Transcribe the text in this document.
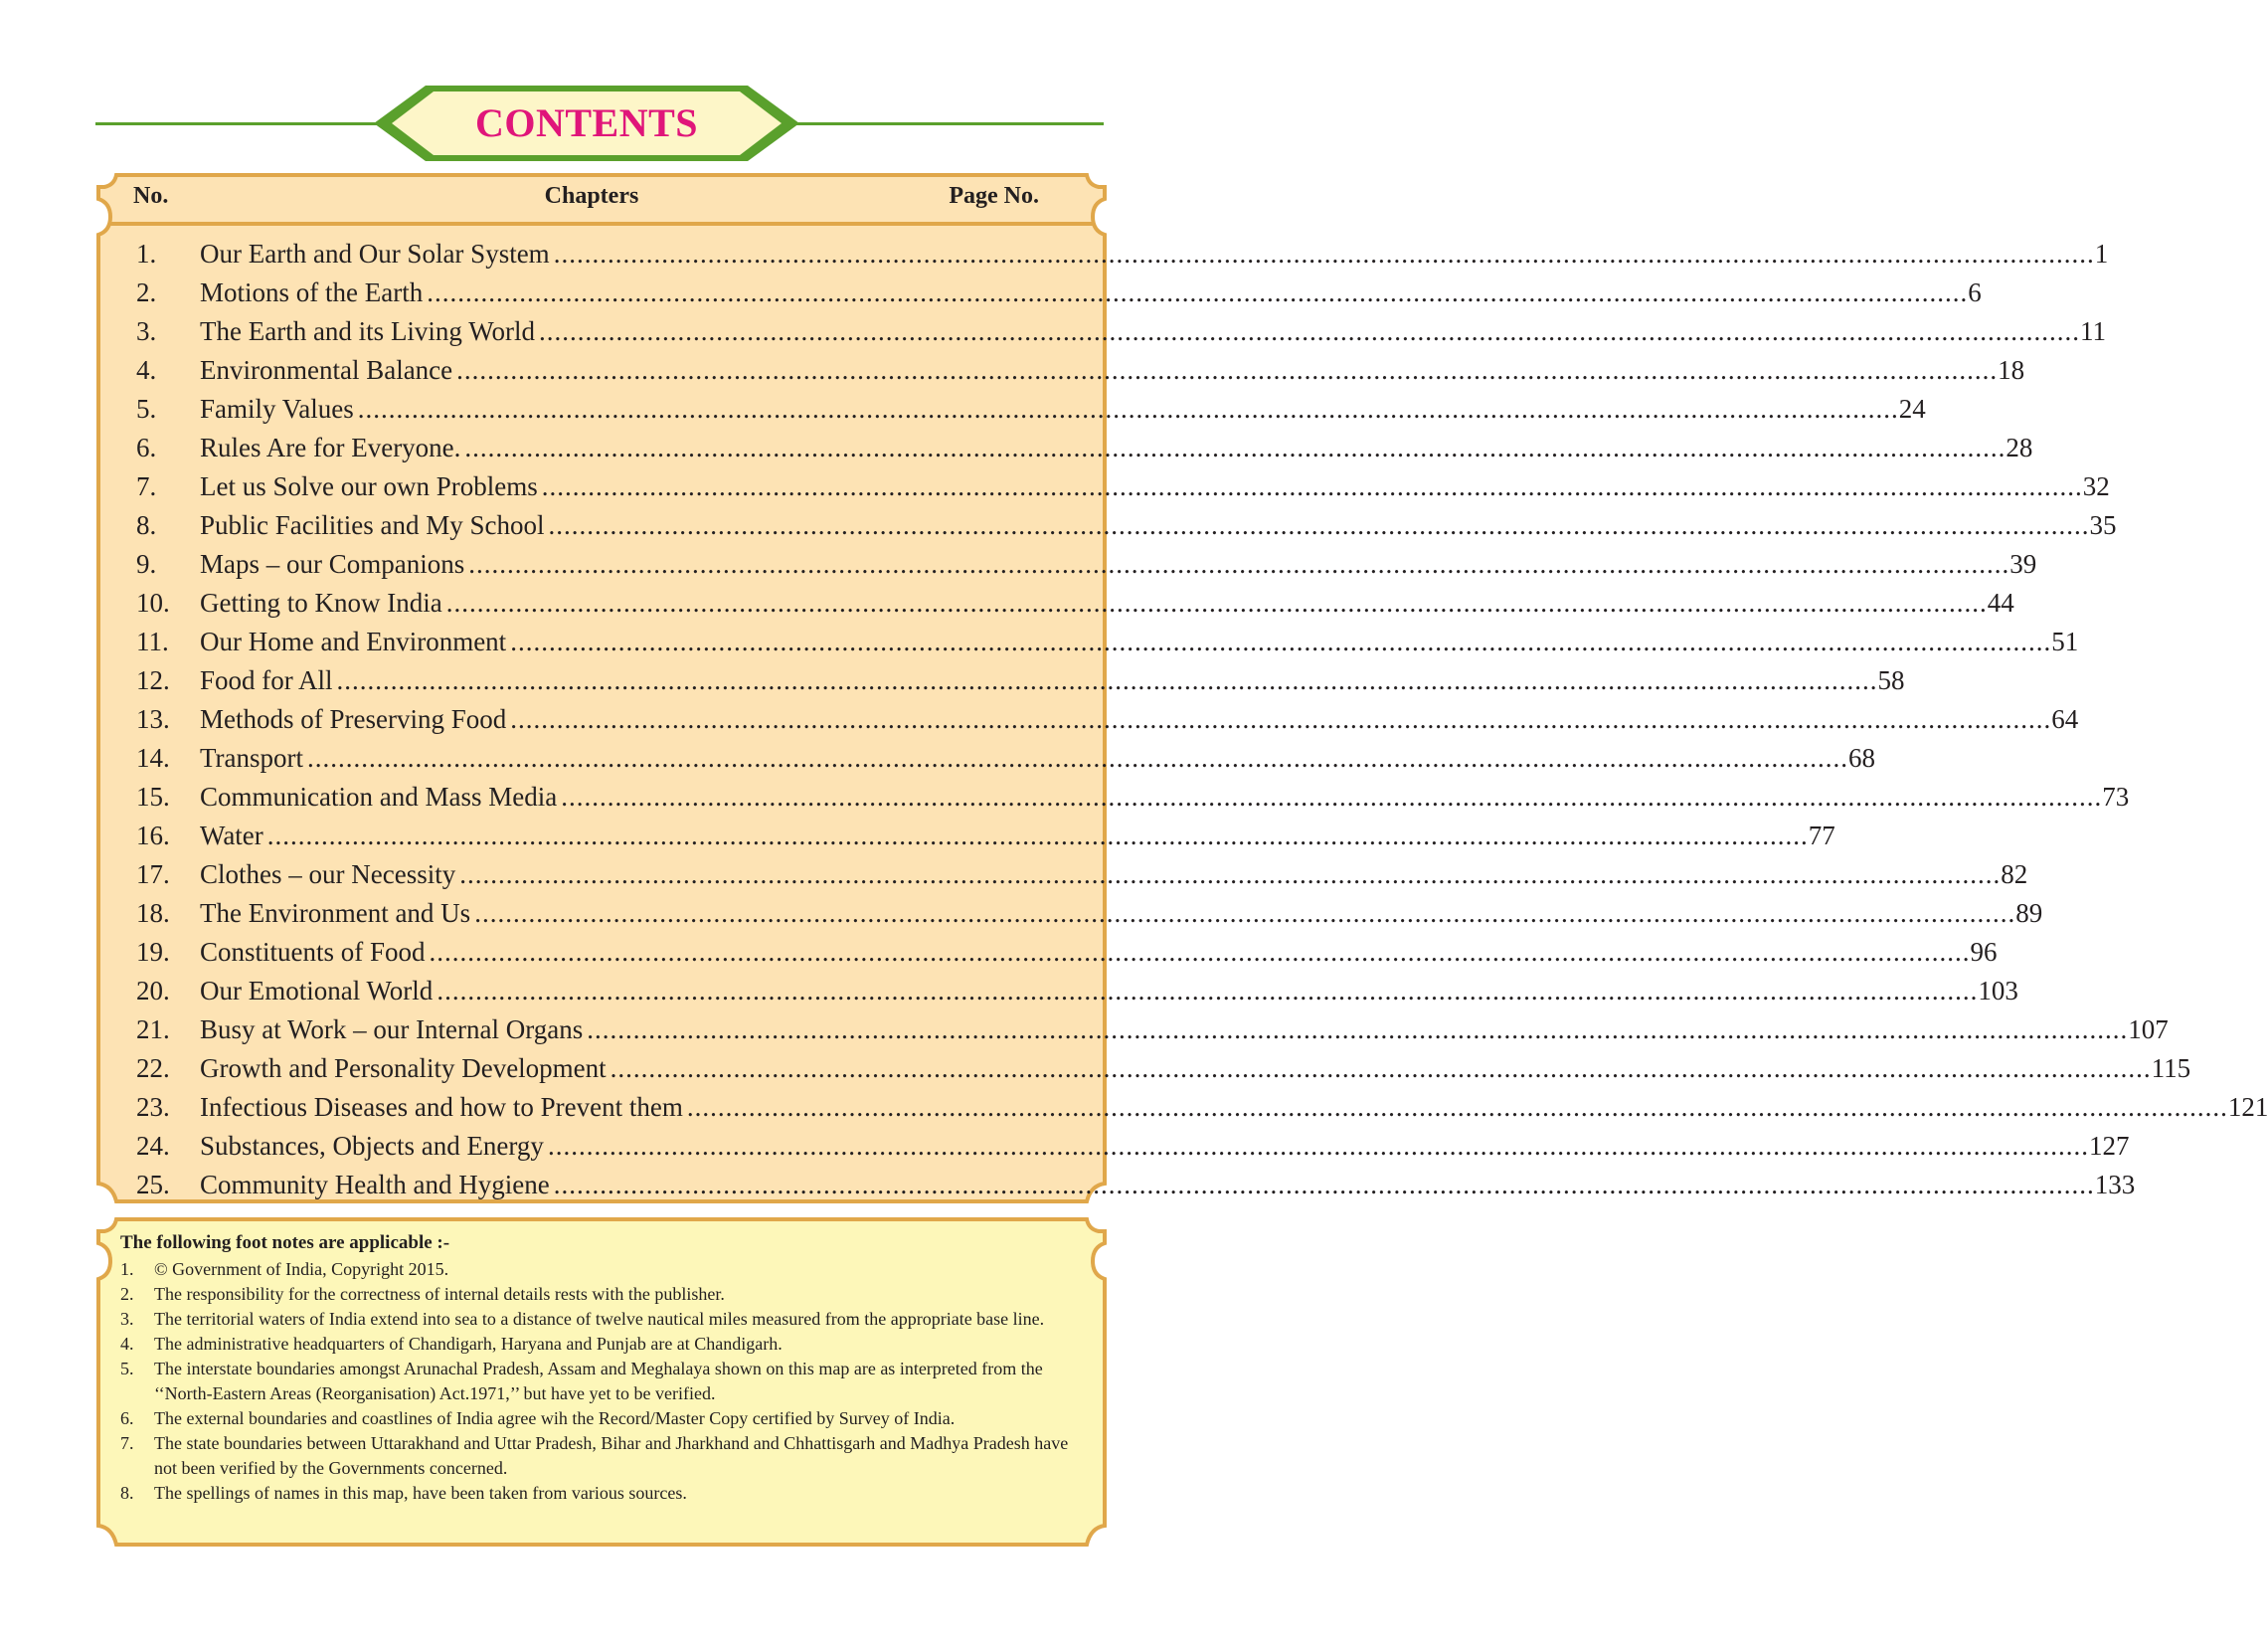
CONTENTS
No.	Chapters	Page No.
1. Our Earth and Our Solar System ........................................................................................................................................................................................................ 1
2. Motions of the Earth ........................................................................................................................................................................................................ 6
3. The Earth and its Living World ........................................................................................................................................................................................................ 11
4. Environmental Balance ........................................................................................................................................................................................................ 18
5. Family Values ........................................................................................................................................................................................................ 24
6. Rules Are for Everyone. ........................................................................................................................................................................................................ 28
7. Let us Solve our own Problems ........................................................................................................................................................................................................ 32
8. Public Facilities and My School ........................................................................................................................................................................................................ 35
9. Maps – our Companions ........................................................................................................................................................................................................ 39
10. Getting to Know India ........................................................................................................................................................................................................ 44
11. Our Home and Environment ........................................................................................................................................................................................................ 51
12. Food for All ........................................................................................................................................................................................................ 58
13. Methods of Preserving Food ........................................................................................................................................................................................................ 64
14. Transport ........................................................................................................................................................................................................ 68
15. Communication and Mass Media ........................................................................................................................................................................................................ 73
16. Water ........................................................................................................................................................................................................ 77
17. Clothes – our Necessity ........................................................................................................................................................................................................ 82
18. The Environment and Us ........................................................................................................................................................................................................ 89
19. Constituents of Food ........................................................................................................................................................................................................ 96
20. Our Emotional World ........................................................................................................................................................................................................ 103
21. Busy at Work – our Internal Organs ........................................................................................................................................................................................................ 107
22. Growth and Personality Development ........................................................................................................................................................................................................ 115
23. Infectious Diseases and how to Prevent them ........................................................................................................................................................................................................ 121
24. Substances, Objects and Energy ........................................................................................................................................................................................................ 127
25. Community Health and Hygiene ........................................................................................................................................................................................................ 133
The following foot notes are applicable :-
1. © Government of India, Copyright 2015.
2. The responsibility for the correctness of internal details rests with the publisher.
3. The territorial waters of India extend into sea to a distance of twelve nautical miles measured from the appropriate base line.
4. The administrative headquarters of Chandigarh, Haryana and Punjab are at Chandigarh.
5. The interstate boundaries amongst Arunachal Pradesh, Assam and Meghalaya shown on this map are as interpreted from the ‘‘North-Eastern Areas (Reorganisation) Act.1971,’’ but have yet to be verified.
6. The external boundaries and coastlines of India agree wih the Record/Master Copy certified by Survey of India.
7. The state boundaries between Uttarakhand and Uttar Pradesh, Bihar and Jharkhand and Chhattisgarh and Madhya Pradesh have not been verified by the Governments concerned.
8. The spellings of names in this map, have been taken from various sources.
